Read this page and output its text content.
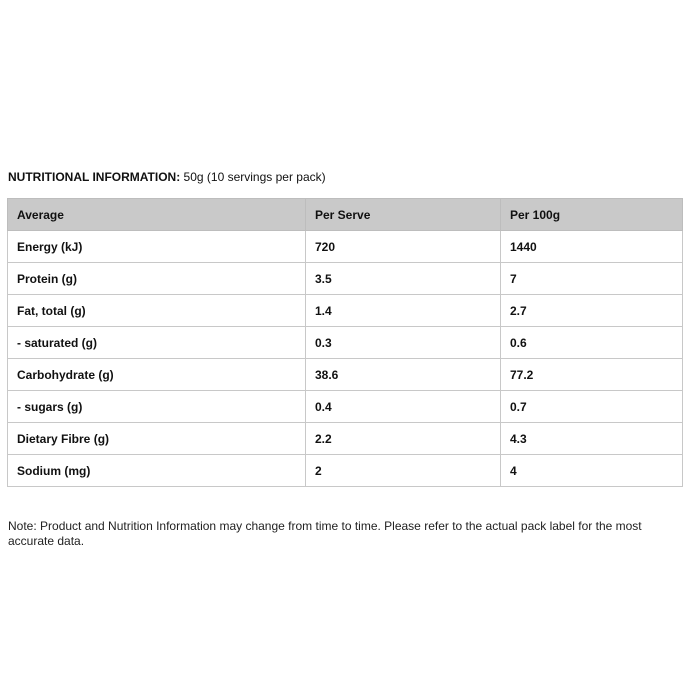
NUTRITIONAL INFORMATION: 50g (10 servings per pack)
Average	Per Serve	Per 100g
Energy (kJ)	720	1440
Protein (g)	3.5	7
Fat, total (g)	1.4	2.7
- saturated (g)	0.3	0.6
Carbohydrate (g)	38.6	77.2
- sugars (g)	0.4	0.7
Dietary Fibre (g)	2.2	4.3
Sodium (mg)	2	4

Note: Product and Nutrition Information may change from time to time. Please refer to the actual pack label for the most accurate data.
